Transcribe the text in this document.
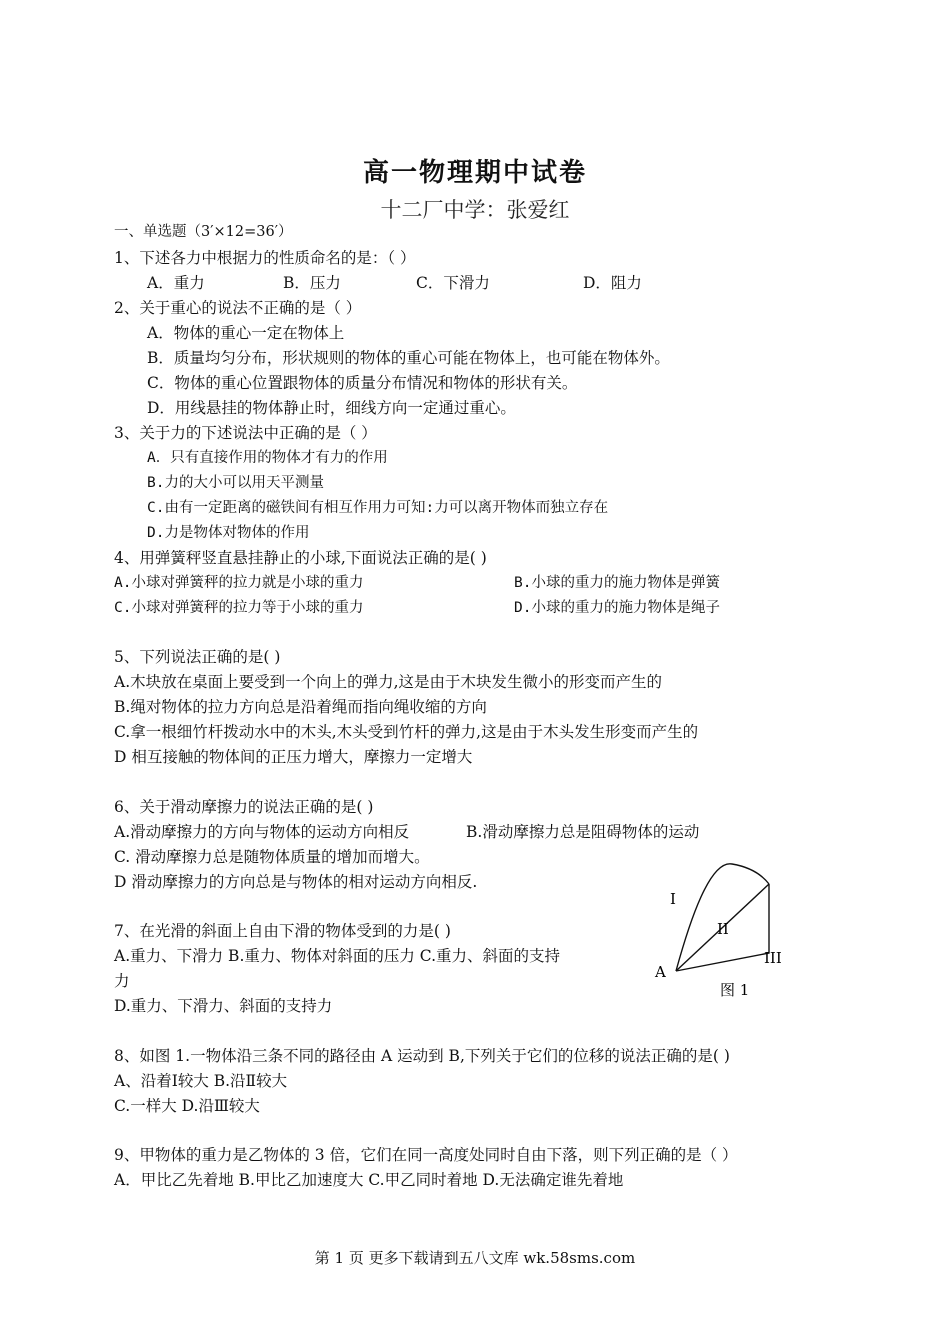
高一物理期中试卷
十二厂中学：张爱红
一、单选题（3′×12=36′）
1、下述各力中根据力的性质命名的是：（ ）
A．重力	B．压力	C．下滑力	D．阻力
2、关于重心的说法不正确的是（ ）
A．物体的重心一定在物体上
B．质量均匀分布，形状规则的物体的重心可能在物体上，也可能在物体外。
C．物体的重心位置跟物体的质量分布情况和物体的形状有关。
D．用线悬挂的物体静止时，细线方向一定通过重心。
3、关于力的下述说法中正确的是（ ）
A．只有直接作用的物体才有力的作用
B.力的大小可以用天平测量
C.由有一定距离的磁铁间有相互作用力可知:力可以离开物体而独立存在
D.力是物体对物体的作用
4、用弹簧秤竖直悬挂静止的小球,下面说法正确的是( )
A.小球对弹簧秤的拉力就是小球的重力	B.小球的重力的施力物体是弹簧
C.小球对弹簧秤的拉力等于小球的重力	D.小球的重力的施力物体是绳子
5、下列说法正确的是( )
A.木块放在桌面上要受到一个向上的弹力,这是由于木块发生微小的形变而产生的
B.绳对物体的拉力方向总是沿着绳而指向绳收缩的方向
C.拿一根细竹杆拨动水中的木头,木头受到竹杆的弹力,这是由于木头发生形变而产生的
D 相互接触的物体间的正压力增大，摩擦力一定增大
6、关于滑动摩擦力的说法正确的是( )
A.滑动摩擦力的方向与物体的运动方向相反	B.滑动摩擦力总是阻碍物体的运动
C. 滑动摩擦力总是随物体质量的增加而增大。
D 滑动摩擦力的方向总是与物体的相对运动方向相反.
7、在光滑的斜面上自由下滑的物体受到的力是( )
A.重力、下滑力 B.重力、物体对斜面的压力 C.重力、斜面的支持
力
D.重力、下滑力、斜面的支持力
I
II
III
A
图 1
8、如图 1.一物体沿三条不同的路径由 A 运动到 B,下列关于它们的位移的说法正确的是( )
A、沿着Ⅰ较大 B.沿Ⅱ较大
C.一样大 D.沿Ⅲ较大
9、甲物体的重力是乙物体的 3 倍，它们在同一高度处同时自由下落，则下列正确的是（ ）
A．甲比乙先着地 B.甲比乙加速度大 C.甲乙同时着地 D.无法确定谁先着地
第 1 页 更多下载请到五八文库 wk.58sms.com
